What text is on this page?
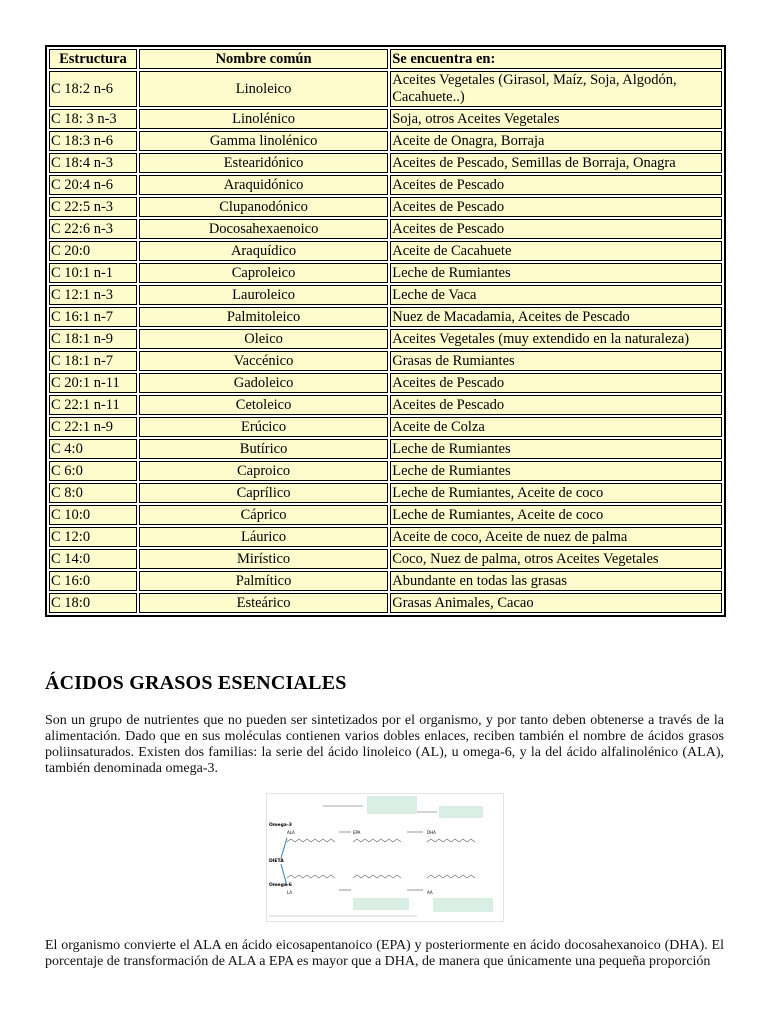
Estructura	Nombre común	Se encuentra en:
C 18:2 n-6	Linoleico	Aceites Vegetales (Girasol, Maíz, Soja, Algodón, Cacahuete..)
C 18: 3 n-3	Linolénico	Soja, otros Aceites Vegetales
C 18:3 n-6	Gamma linolénico	Aceite de Onagra, Borraja
C 18:4 n-3	Estearidónico	Aceites de Pescado, Semillas de Borraja, Onagra
C 20:4 n-6	Araquidónico	Aceites de Pescado
C 22:5 n-3	Clupanodónico	Aceites de Pescado
C 22:6 n-3	Docosahexaenoico	Aceites de Pescado
C 20:0	Araquídico	Aceite de Cacahuete
C 10:1 n-1	Caproleico	Leche de Rumiantes
C 12:1 n-3	Lauroleico	Leche de Vaca
C 16:1 n-7	Palmitoleico	Nuez de Macadamia, Aceites de Pescado
C 18:1 n-9	Oleico	Aceites Vegetales (muy extendido en la naturaleza)
C 18:1 n-7	Vaccénico	Grasas de Rumiantes
C 20:1 n-11	Gadoleico	Aceites de Pescado
C 22:1 n-11	Cetoleico	Aceites de Pescado
C 22:1 n-9	Erúcico	Aceite de Colza
C 4:0	Butírico	Leche de Rumiantes
C 6:0	Caproico	Leche de Rumiantes
C 8:0	Caprílico	Leche de Rumiantes, Aceite de coco
C 10:0	Cáprico	Leche de Rumiantes, Aceite de coco
C 12:0	Láurico	Aceite de coco, Aceite de nuez de palma
C 14:0	Mirístico	Coco, Nuez de palma, otros Aceites Vegetales
C 16:0	Palmítico	Abundante en todas las grasas
C 18:0	Esteárico	Grasas Animales, Cacao
ÁCIDOS GRASOS ESENCIALES

Son un grupo de nutrientes que no pueden ser sintetizados por el organismo, y por tanto deben obtenerse a través de la alimentación. Dado que en sus moléculas contienen varios dobles enlaces, reciben también el nombre de ácidos grasos poliinsaturados. Existen dos familias: la serie del ácido linoleico (AL), u omega-6, y la del ácido alfalinolénico (ALA), también denominada omega-3.

Omega-3
ALA	EPA	DHA
DIETA
Omega-6
LA	AA

El organismo convierte el ALA en ácido eicosapentanoico (EPA) y posteriormente en ácido docosahexanoico (DHA). El porcentaje de transformación de ALA a EPA es mayor que a DHA, de manera que únicamente una pequeña proporción
